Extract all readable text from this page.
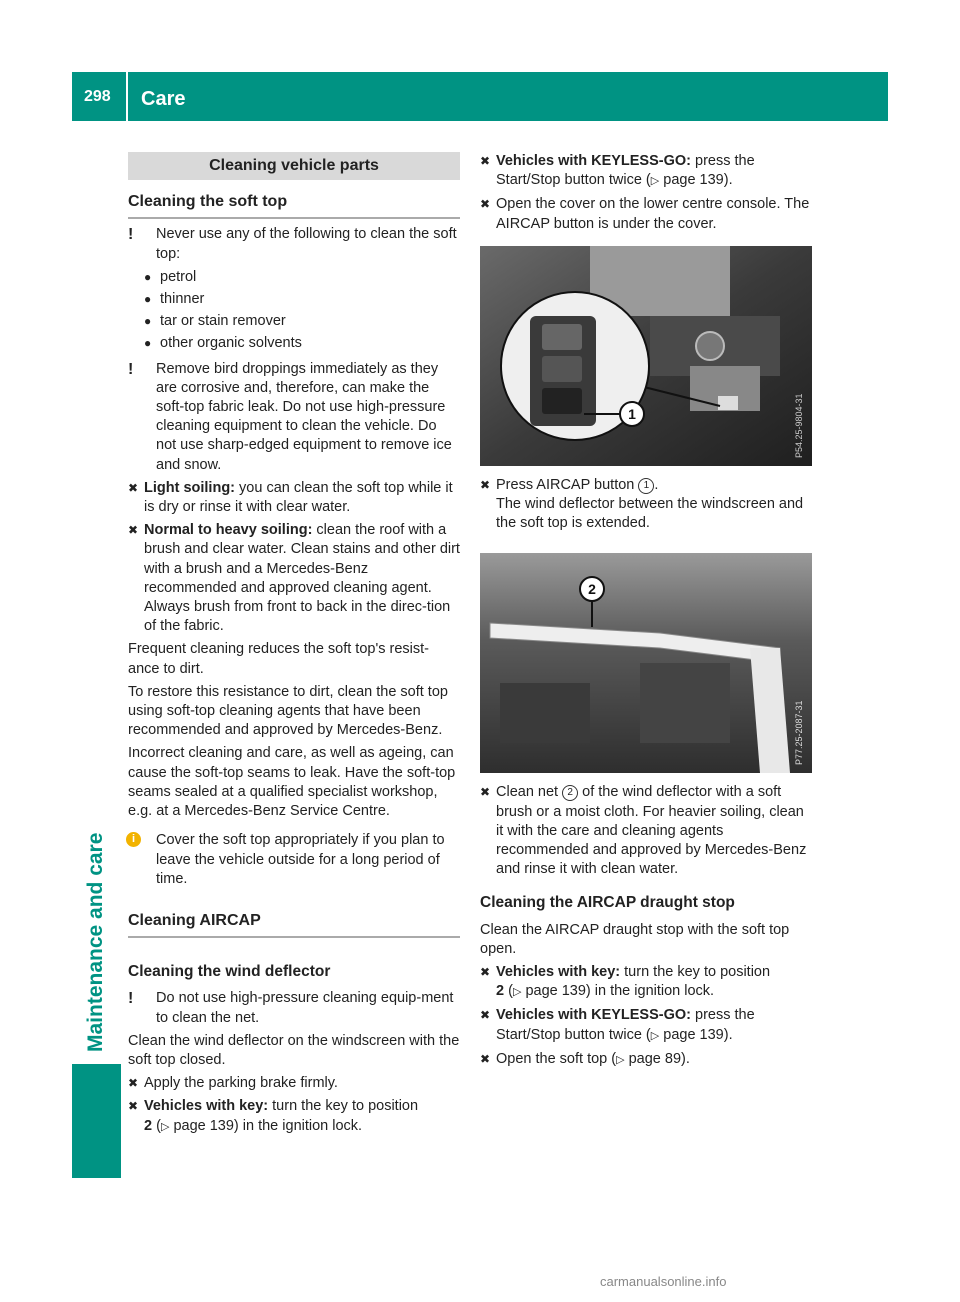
298 Care
Maintenance and care
Cleaning vehicle parts
Cleaning the soft top
! Never use any of the following to clean the soft top:
● petrol
● thinner
● tar or stain remover
● other organic solvents
! Remove bird droppings immediately as they are corrosive and, therefore, can make the soft-top fabric leak. Do not use high-pressure cleaning equipment to clean the vehicle. Do not use sharp-edged equipment to remove ice and snow.
✖ Light soiling: you can clean the soft top while it is dry or rinse it with clear water.
✖ Normal to heavy soiling: clean the roof with a brush and clear water. Clean stains and other dirt with a brush and a Mercedes-Benz recommended and approved cleaning agent. Always brush from front to back in the direc-tion of the fabric.

Frequent cleaning reduces the soft top's resist-ance to dirt.

To restore this resistance to dirt, clean the soft top using soft-top cleaning agents that have been recommended and approved by Mercedes-Benz.

Incorrect cleaning and care, as well as ageing, can cause the soft-top seams to leak. Have the soft-top seams sealed at a qualified specialist workshop, e.g. at a Mercedes-Benz Service Centre.

i	Cover the soft top appropriately if you plan to leave the vehicle outside for a long period of time.
Cleaning AIRCAP
Cleaning the wind deflector
! Do not use high-pressure cleaning equip-ment to clean the net.

Clean the wind deflector on the windscreen with the soft top closed.

✖ Apply the parking brake firmly.
✖ Vehicles with key: turn the key to position
2 (▷ page 139) in the ignition lock.
✖ Vehicles with KEYLESS-GO: press the Start/Stop button twice (▷ page 139).
✖ Open the cover on the lower centre console. The AIRCAP button is under the cover.
1	P54.25-9804-31
✖ Press AIRCAP button 1 .
The wind deflector between the windscreen and the soft top is extended.
2
P77.25-2087-31
✖ Clean net 2 of the wind deflector with a soft brush or a moist cloth. For heavier soiling, clean it with the care and cleaning agents recommended and approved by Mercedes-Benz and rinse it with clean water.
Cleaning the AIRCAP draught stop

Clean the AIRCAP draught stop with the soft top open.

✖ Vehicles with key: turn the key to position
2 (▷ page 139) in the ignition lock.
✖ Vehicles with KEYLESS-GO: press the Start/Stop button twice (▷ page 139).
✖ Open the soft top (▷ page 89).
carmanualsonline.info
